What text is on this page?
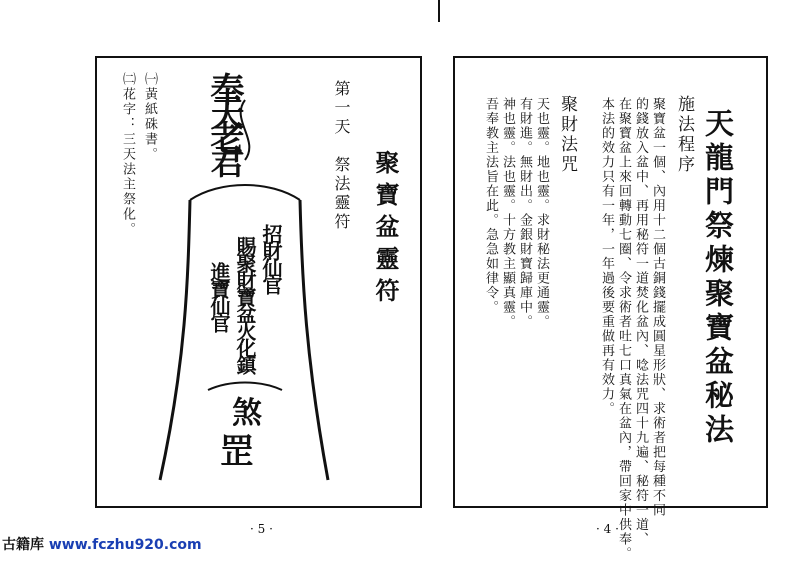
奉天老君
招財仙官
賜聚財寶盆火化鎮
進寶仙官
煞
罡
聚寶盆靈符
第一天　祭法靈符
㈠黃紙硃書。
㈡花字：三天法主祭化。
· 5 ·
天龍門祭煉聚寶盆秘法
施法程序
聚寶盆一個、內用十二個古銅錢擺成圓星形狀、求術者把每種不同
的錢放入盆中、再用秘符一道焚化盆內、唸法咒四十九遍、秘符一道、
在聚寶盆上來回轉動七圈、令求術者吐七口真氣在盆內，帶回家中供奉。
本法的效力只有一年，一年過後要重做再有效力。
聚財法咒
天也靈。地也靈。求財秘法更通靈。
有財進。無財出。金銀財寶歸庫中。
神也靈。法也靈。十方教主顯真靈。
吾奉教主法旨在此。急急如律令。
· 4 ·
古籍库 www.fczhu920.com
